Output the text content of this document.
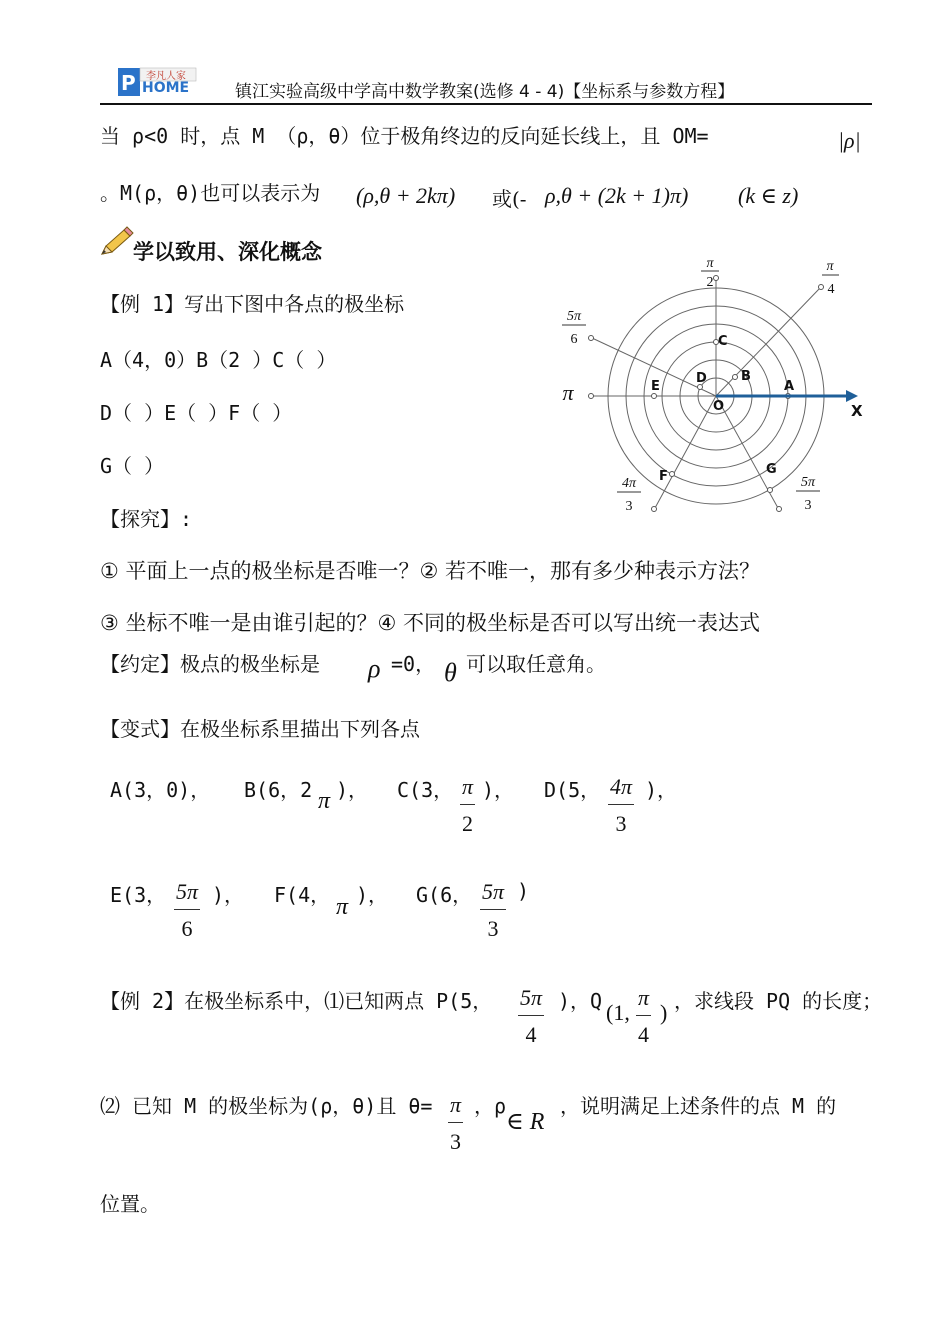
P 李凡人家
HOME	镇江实验高级中学高中数学教案(选修 4 - 4)【坐标系与参数方程】
当 ρ<0 时，点 M （ρ，θ）位于极角终边的反向延长线上，且 OM=	|ρ|
。M(ρ，θ)也可以表示为 (ρ,θ + 2kπ) 或(- ρ,θ + (2k + 1)π) (k ∈ z)
学以致用、深化概念
【例 1】写出下图中各点的极坐标
A（4，0）B（2 ）C（ ）
D（ ）E（ ）F（ ）
G（ ）
π
2
π
4
5π
6
π
4π
3
5π
3
X
O
A
B
C
D
E
F	G
【探究】:
① 平面上一点的极坐标是否唯一？② 若不唯一，那有多少种表示方法？
③ 坐标不唯一是由谁引起的？④ 不同的极坐标是否可以写出统一表达式
【约定】极点的极坐标是 ρ =0， θ 可以取任意角。
【变式】在极坐标系里描出下列各点
A(3，0)， B(6，2 π )， C(3， $\frac{\pi}{2}$ )， D(5， $\frac{4\pi}{3}$ )，
E(3， $\frac{5\pi}{6}$ )， F(4， π )， G(6， $\frac{5\pi}{3}$ )
【例 2】在极坐标系中，⑴已知两点 P(5， $\frac{5\pi}{4}$ )，Q (1, $\frac{\pi}{4}$ ) ，求线段 PQ 的长度；
⑵ 已知 M 的极坐标为(ρ，θ)且 $\theta= \frac{\pi}{3}$ ，ρ
∈ R
，说明满足上述条件的点 M 的
位置。
